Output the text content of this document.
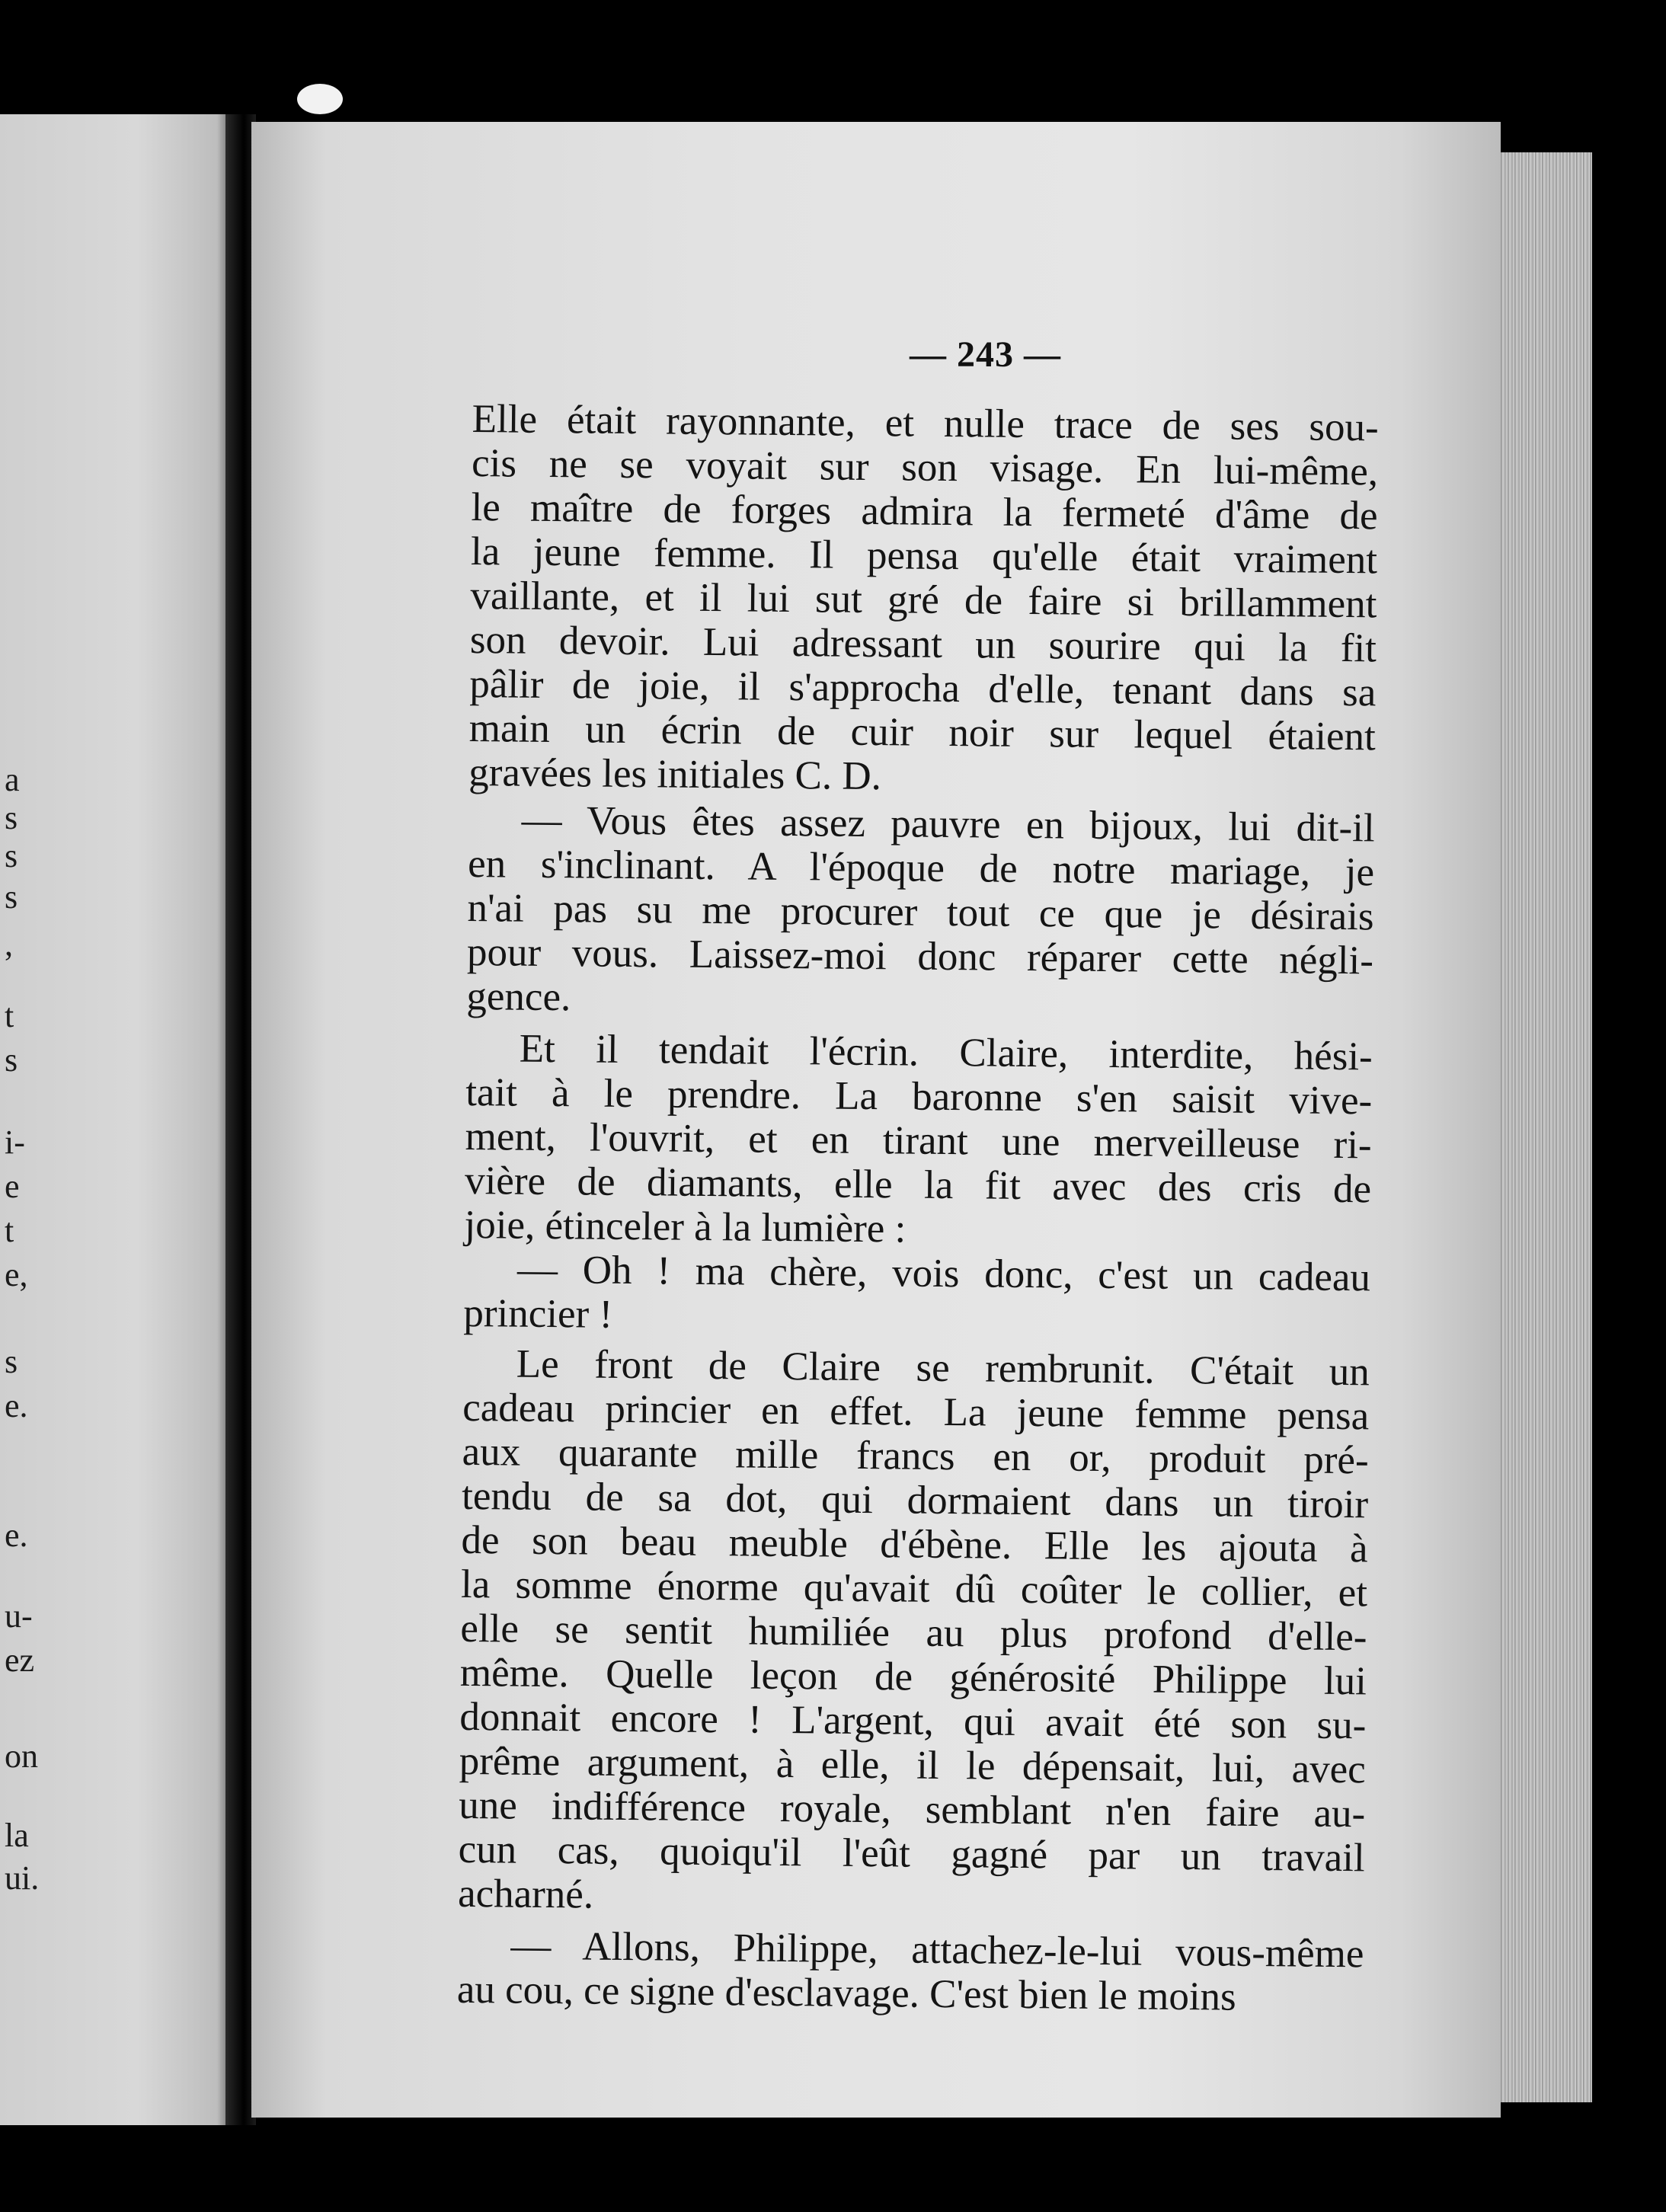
a
s
s
s
,
t
s
i-
e
t
e,
s
e.
e.
u-
ez
on
la
ui.
— 243 —
Elle était rayonnante, et nulle trace de ses sou-
cis ne se voyait sur son visage. En lui-même,
le maître de forges admira la fermeté d'âme de
la jeune femme. Il pensa qu'elle était vraiment
vaillante, et il lui sut gré de faire si brillamment
son devoir. Lui adressant un sourire qui la fit
pâlir de joie, il s'approcha d'elle, tenant dans sa
main un écrin de cuir noir sur lequel étaient
gravées les initiales C. D.
— Vous êtes assez pauvre en bijoux, lui dit-il
en s'inclinant. A l'époque de notre mariage, je
n'ai pas su me procurer tout ce que je désirais
pour vous. Laissez-moi donc réparer cette négli-
gence.
Et il tendait l'écrin. Claire, interdite, hési-
tait à le prendre. La baronne s'en saisit vive-
ment, l'ouvrit, et en tirant une merveilleuse ri-
vière de diamants, elle la fit avec des cris de
joie, étinceler à la lumière :
— Oh ! ma chère, vois donc, c'est un cadeau
princier !
Le front de Claire se rembrunit. C'était un
cadeau princier en effet. La jeune femme pensa
aux quarante mille francs en or, produit pré-
tendu de sa dot, qui dormaient dans un tiroir
de son beau meuble d'ébène. Elle les ajouta à
la somme énorme qu'avait dû coûter le collier, et
elle se sentit humiliée au plus profond d'elle-
même. Quelle leçon de générosité Philippe lui
donnait encore ! L'argent, qui avait été son su-
prême argument, à elle, il le dépensait, lui, avec
une indifférence royale, semblant n'en faire au-
cun cas, quoiqu'il l'eût gagné par un travail
acharné.
— Allons, Philippe, attachez-le-lui vous-même
au cou, ce signe d'esclavage. C'est bien le moins
